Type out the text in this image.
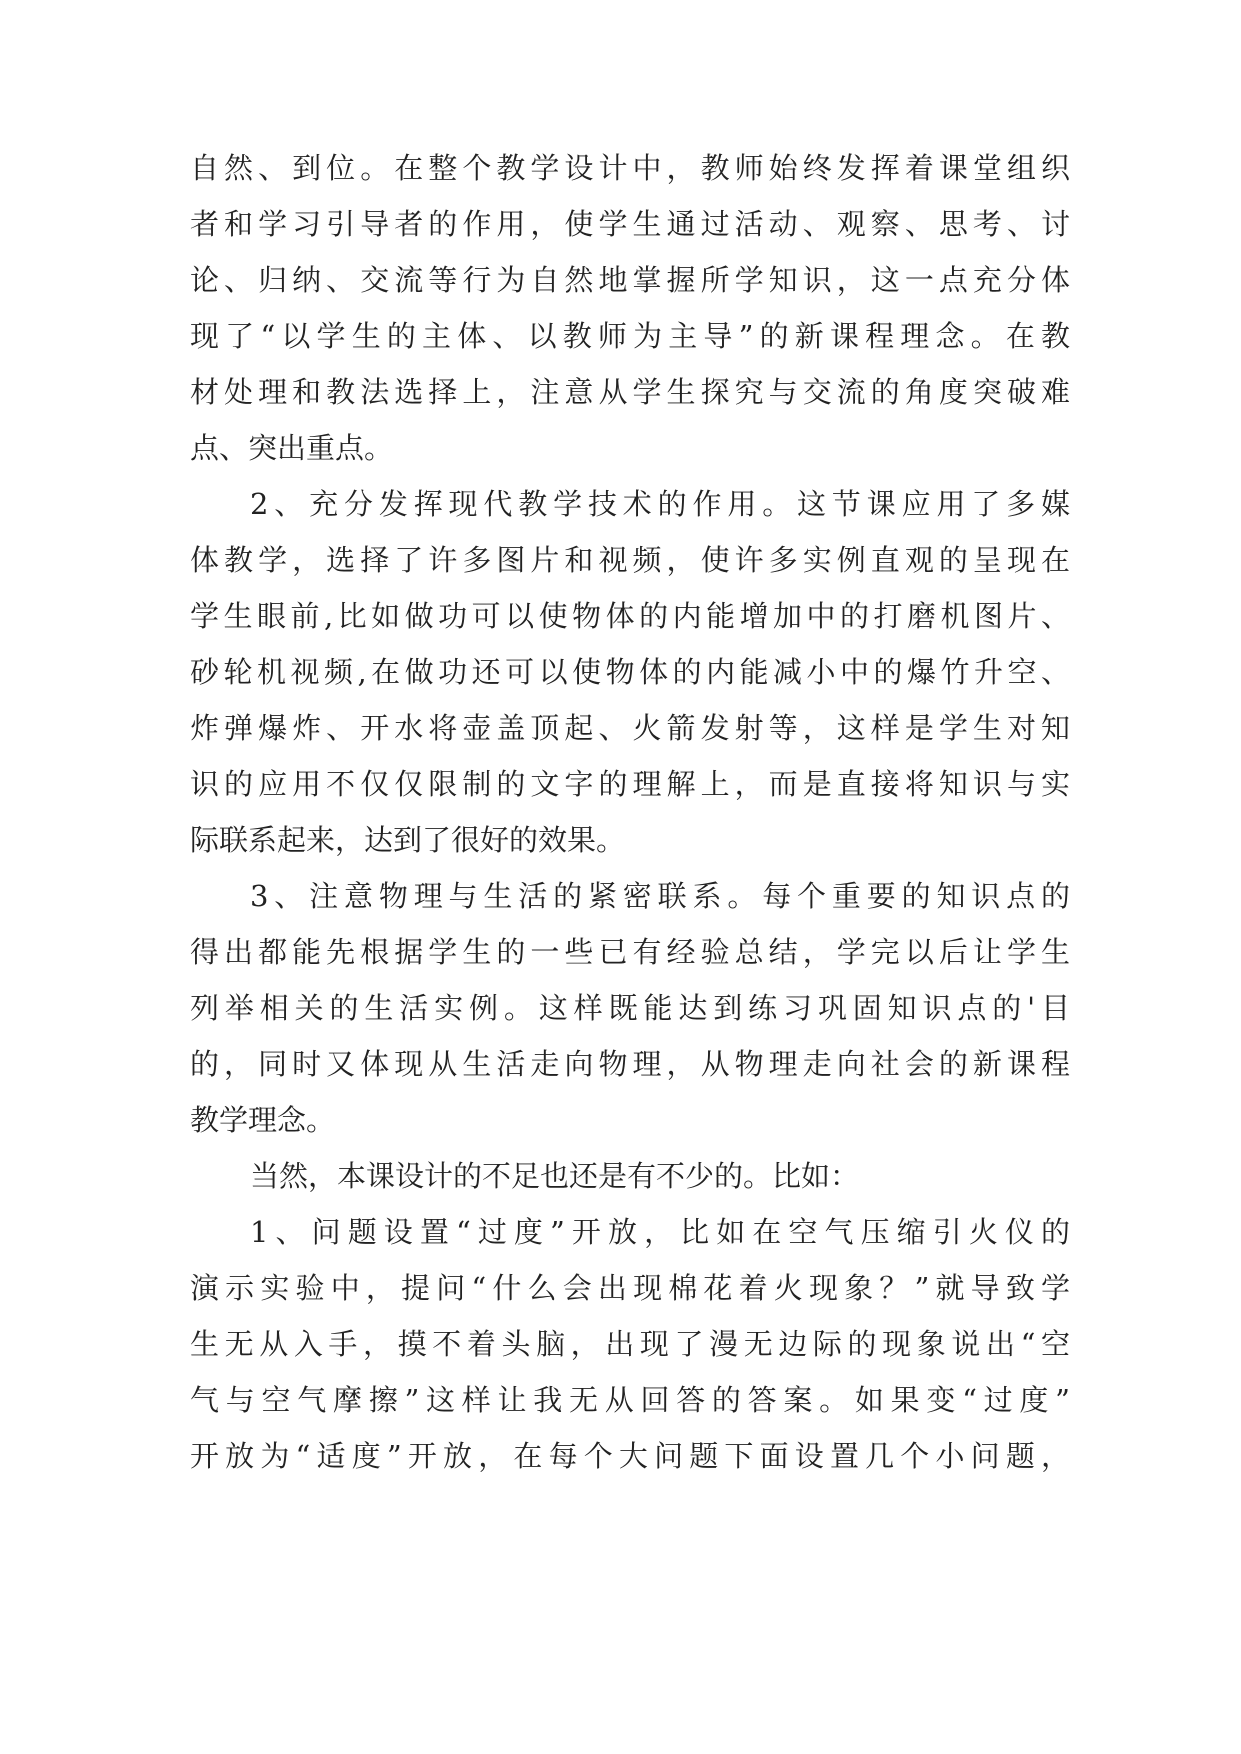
自然、到位。在整个教学设计中，教师始终发挥着课堂组织
者和学习引导者的作用，使学生通过活动、观察、思考、讨
论、归纳、交流等行为自然地掌握所学知识，这一点充分体
现了“以学生的主体、以教师为主导”的新课程理念。在教
材处理和教法选择上，注意从学生探究与交流的角度突破难
点、突出重点。
2、充分发挥现代教学技术的作用。这节课应用了多媒
体教学，选择了许多图片和视频，使许多实例直观的呈现在
学生眼前,比如做功可以使物体的内能增加中的打磨机图片、
砂轮机视频,在做功还可以使物体的内能减小中的爆竹升空、
炸弹爆炸、开水将壶盖顶起、火箭发射等，这样是学生对知
识的应用不仅仅限制的文字的理解上，而是直接将知识与实
际联系起来，达到了很好的效果。
3、注意物理与生活的紧密联系。每个重要的知识点的
得出都能先根据学生的一些已有经验总结，学完以后让学生
列举相关的生活实例。这样既能达到练习巩固知识点的'目
的，同时又体现从生活走向物理，从物理走向社会的新课程
教学理念。
当然，本课设计的不足也还是有不少的。比如：
1、问题设置“过度”开放，比如在空气压缩引火仪的
演示实验中，提问“什么会出现棉花着火现象？”就导致学
生无从入手，摸不着头脑，出现了漫无边际的现象说出“空
气与空气摩擦”这样让我无从回答的答案。如果变“过度”
开放为“适度”开放，在每个大问题下面设置几个小问题，
